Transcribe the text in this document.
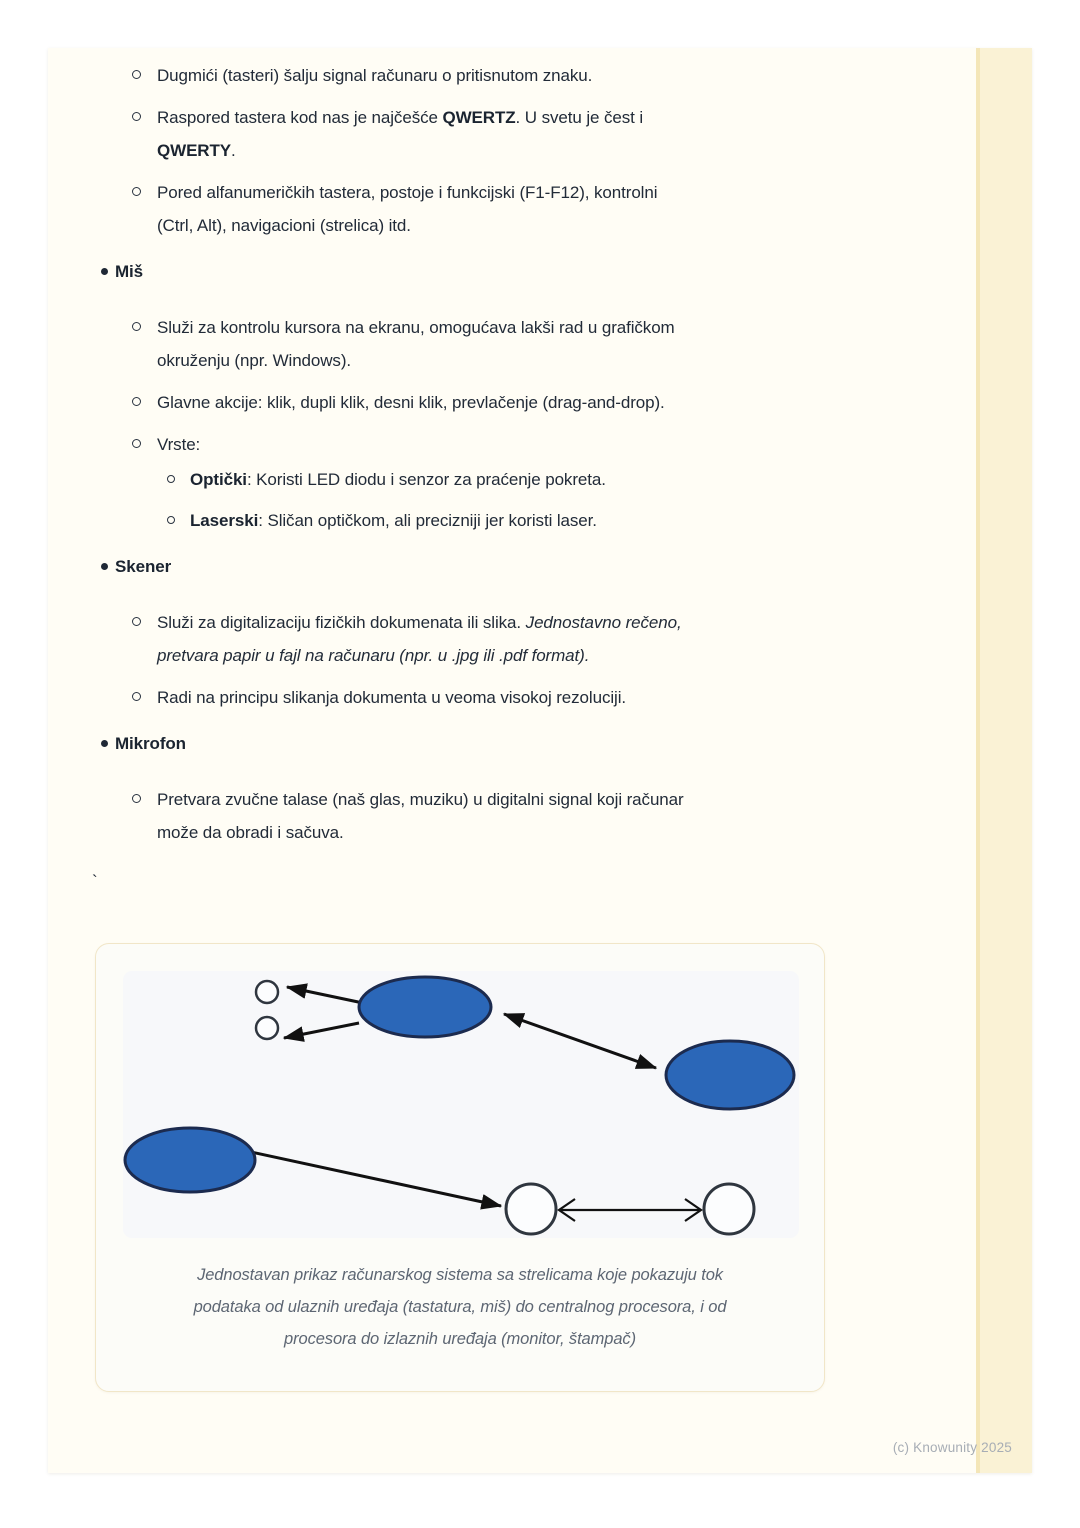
Dugmići (tasteri) šalju signal računaru o pritisnutom znaku.
Raspored tastera kod nas je najčešće QWERTZ. U svetu je čest i
QWERTY.
Pored alfanumeričkih tastera, postoje i funkcijski (F1-F12), kontrolni
(Ctrl, Alt), navigacioni (strelica) itd.
Miš
Služi za kontrolu kursora na ekranu, omogućava lakši rad u grafičkom
okruženju (npr. Windows).
Glavne akcije: klik, dupli klik, desni klik, prevlačenje (drag-and-drop).
Vrste:
Optički: Koristi LED diodu i senzor za praćenje pokreta.
Laserski: Sličan optičkom, ali precizniji jer koristi laser.
Skener
Služi za digitalizaciju fizičkih dokumenata ili slika. Jednostavno rečeno,
pretvara papir u fajl na računaru (npr. u .jpg ili .pdf format).
Radi na principu slikanja dokumenta u veoma visokoj rezoluciji.
Mikrofon
Pretvara zvučne talase (naš glas, muziku) u digitalni signal koji računar
može da obradi i sačuva.
`
Jednostavan prikaz računarskog sistema sa strelicama koje pokazuju tok
podataka od ulaznih uređaja (tastatura, miš) do centralnog procesora, i od
procesora do izlaznih uređaja (monitor, štampač)
(c) Knowunity 2025
